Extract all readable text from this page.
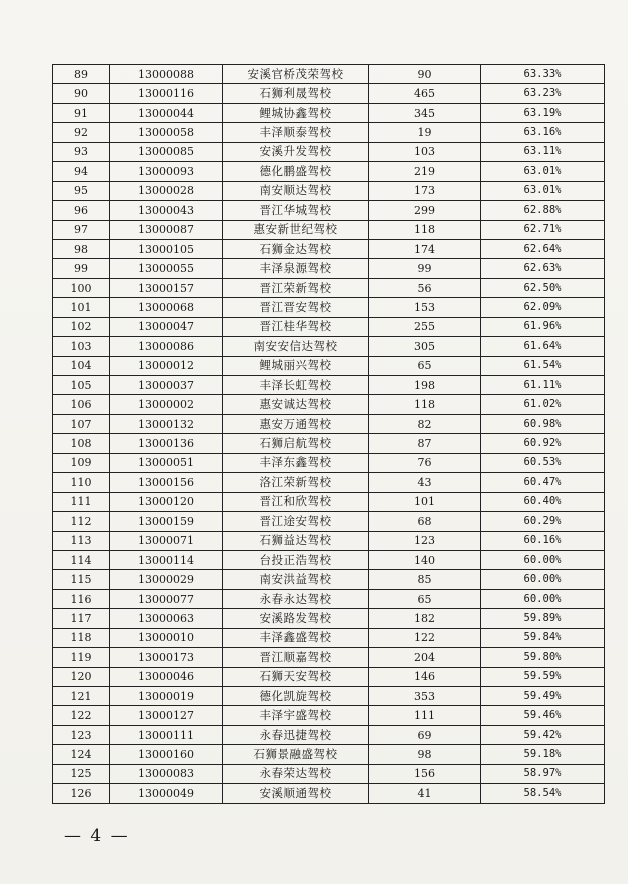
89	13000088	安溪官桥茂荣驾校	90	63.33%
90	13000116	石狮利晟驾校	465	63.23%
91	13000044	鲤城协鑫驾校	345	63.19%
92	13000058	丰泽顺泰驾校	19	63.16%
93	13000085	安溪升发驾校	103	63.11%
94	13000093	德化鹏盛驾校	219	63.01%
95	13000028	南安顺达驾校	173	63.01%
96	13000043	晋江华城驾校	299	62.88%
97	13000087	惠安新世纪驾校	118	62.71%
98	13000105	石狮金达驾校	174	62.64%
99	13000055	丰泽泉源驾校	99	62.63%
100	13000157	晋江荣新驾校	56	62.50%
101	13000068	晋江晋安驾校	153	62.09%
102	13000047	晋江桂华驾校	255	61.96%
103	13000086	南安安信达驾校	305	61.64%
104	13000012	鲤城丽兴驾校	65	61.54%
105	13000037	丰泽长虹驾校	198	61.11%
106	13000002	惠安诚达驾校	118	61.02%
107	13000132	惠安万通驾校	82	60.98%
108	13000136	石狮启航驾校	87	60.92%
109	13000051	丰泽东鑫驾校	76	60.53%
110	13000156	洛江荣新驾校	43	60.47%
111	13000120	晋江和欣驾校	101	60.40%
112	13000159	晋江途安驾校	68	60.29%
113	13000071	石狮益达驾校	123	60.16%
114	13000114	台投正浩驾校	140	60.00%
115	13000029	南安洪益驾校	85	60.00%
116	13000077	永春永达驾校	65	60.00%
117	13000063	安溪路发驾校	182	59.89%
118	13000010	丰泽鑫盛驾校	122	59.84%
119	13000173	晋江顺嘉驾校	204	59.80%
120	13000046	石狮天安驾校	146	59.59%
121	13000019	德化凯旋驾校	353	59.49%
122	13000127	丰泽宇盛驾校	111	59.46%
123	13000111	永春迅捷驾校	69	59.42%
124	13000160	石狮景融盛驾校	98	59.18%
125	13000083	永春荣达驾校	156	58.97%
126	13000049	安溪顺通驾校	41	58.54%
— 4 —
